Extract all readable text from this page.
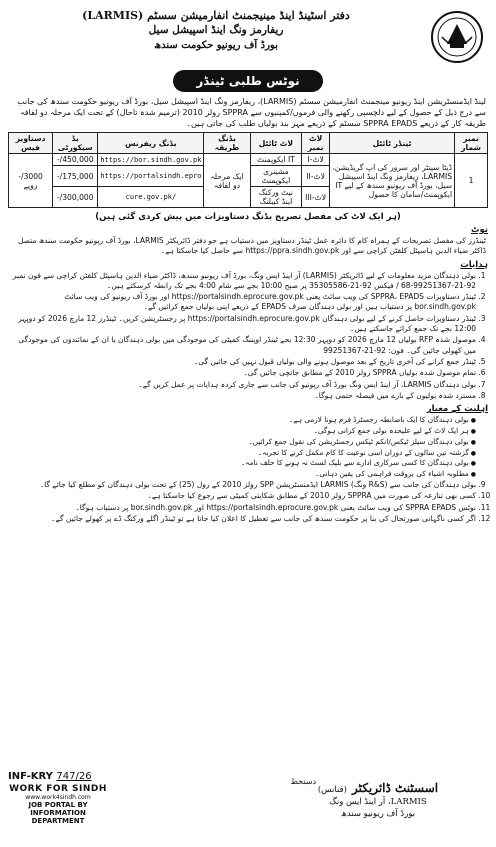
دفتر اسٹینڈ اینڈ مینیجمنٹ انفارمیشن سسٹم (LARMIS)
ریفارمز ونگ اینڈ اسپیشل سیل
بورڈ آف ریونیو حکومت سندھ
نوٹس طلبی ٹینڈر
لینڈ ایڈمنسٹریشن اینڈ ریونیو مینجمنٹ انفارمیشن سسٹم (LARMIS)، ریفارمز ونگ اینڈ اسپیشل سیل، بورڈ آف ریونیو حکومت سندھ کی جانب سے درج ذیل کے حصول کے لیے دلچسپی رکھنے والی فرموں/کمپنیوں سے SPPRA رولز 2010 (ترمیم شدہ تاحال) کے تحت ایک مرحلہ دو لفافہ طریقہ کار کے ذریعے SPPRA EPADS سسٹم کے ذریعے مہر بند بولیاں طلب کی جاتی ہیں۔
نمبر شمار	ٹینڈر ٹائٹل	لاٹ نمبر	لاٹ ٹائٹل	بڈنگ طریقہ	بڈنگ ریفرنس	بڈ سیکورٹی	دستاویز فیس
1	ڈیٹا سینٹر اور سرور کی اپ گریڈیشن، LARMIS، ریفارمز ونگ اینڈ اسپیشل سیل، بورڈ آف ریونیو سندھ کے لیے IT ایکوپمنٹ/سامان کا حصول	لاٹ-I	IT ایکوپمنٹ	ایک مرحلہ دو لفافہ	https://bor.sindh.gov.pk	450,000/-	3000/- روپے
		لاٹ-II	مشینری ایکوپمنٹ		https://portalsindh.epro	175,000/-	
		لاٹ-III	نیٹ ورکنگ اینڈ کیبلنگ		cure.gov.pk/	300,000/-	
(ہر ایک لاٹ کی مفصل تصریح بڈنگ دستاویزات میں پیش کردی گئی ہیں)
نوٹ
ٹینڈرز کی مفصل تصریحات کے ہمراہ کام کا دائرہ عمل ٹینڈر دستاویز میں دستیاب ہے جو دفتر ڈائریکٹر LARMIS، بورڈ آف ریونیو حکومت سندھ متصل ڈاکٹر ضیاء الدین ہاسپٹل کلفٹن کراچی سے اور https://ppra.sindh.gov.pk سے حاصل کیا جاسکتا ہے۔
ہدایات
1. بولی دہندگان مزید معلومات کے لیے ڈائریکٹر (LARMIS) آر اینڈ ایس ونگ، بورڈ آف ریونیو سندھ، ڈاکٹر ضیاء الدین ہاسپٹل کلفٹن کراچی سے فون نمبر 92-21-99251367-68 / فیکس 92-21-35305586 پر صبح 10:00 بجے سے شام 4:00 بجے تک رابطہ کرسکتے ہیں۔
2. ٹینڈر دستاویزات SPPRA، EPADS کی ویب سائٹ یعنی https://portalsindh.eprocure.gov.pk اور بورڈ آف ریونیو کی ویب سائٹ bor.sindh.gov.pk پر دستیاب ہیں اور بولی دہندگان صرف EPADS کے ذریعے اپنی بولیاں جمع کرائیں گے۔
3. ٹینڈر دستاویزات حاصل کرنے کے لیے بولی دہندگان https://portalsindh.eprocure.gov.pk پر رجسٹریشن کریں۔ ٹینڈرز 12 مارچ 2026 کو دوپہر 12:00 بجے تک جمع کرائے جاسکتے ہیں۔
4. موصول شدہ RFP بولیاں 12 مارچ 2026 کو دوپہر 12:30 بجے ٹینڈر اوپننگ کمیٹی کی موجودگی میں بولی دہندگان یا ان کے نمائندوں کی موجودگی میں کھولی جائیں گی۔ فون: 92-21-99251367
5. ٹینڈر جمع کرانے کی آخری تاریخ کے بعد موصول ہونے والی بولیاں قبول نہیں کی جائیں گی۔
6. تمام موصول شدہ بولیاں SPPRA رولز 2010 کے مطابق جانچی جائیں گی۔
7. بولی دہندگان LARMIS، آر اینڈ ایس ونگ بورڈ آف ریونیو کی جانب سے جاری کردہ ہدایات پر عمل کریں گے۔
8. مسترد شدہ بولیوں کے بارے میں فیصلہ حتمی ہوگا۔
اہلیت کے معیار
● بولی دہندگان کا ایک باضابطہ رجسٹرڈ فرم ہونا لازمی ہے۔
● ہر ایک لاٹ کے لیے علیحدہ بولی جمع کرانی ہوگی۔
● بولی دہندگان سیلز ٹیکس/انکم ٹیکس رجسٹریشن کی نقول جمع کرائیں۔
● گزشتہ تین سالوں کے دوران اسی نوعیت کا کام مکمل کرنے کا تجربہ۔
● بولی دہندگان کا کسی سرکاری ادارے سے بلیک لسٹ نہ ہونے کا حلف نامہ۔
● مطلوبہ اشیاء کی بروقت فراہمی کی یقین دہانی۔
9. بولی دہندگان کی جانب سے (R&S ونگ) LARMIS ایڈمنسٹریشن SPP رولز 2010 کے رول (25) کے تحت بولی دہندگان کو مطلع کیا جائے گا۔
10. کسی بھی تنازعہ کی صورت میں SPPRA رولز 2010 کے مطابق شکایتی کمیٹی سے رجوع کیا جاسکتا ہے۔
11. نوٹس SPPRA EPADS کی ویب سائٹ یعنی https://portalsindh.eprocure.gov.pk اور bor.sindh.gov.pk پر دستیاب ہوگا۔
12. اگر کسی ناگہانی صورتحال کی بنا پر حکومت سندھ کی جانب سے تعطیل کا اعلان کیا جاتا ہے تو ٹینڈر اگلے ورکنگ ڈے پر کھولے جائیں گے۔
INF-KRY 747/26
WORK FOR SINDH
www.work4sindh.com
JOB PORTAL BY
INFORMATION DEPARTMENT
دستخط	اسسٹنٹ ڈائریکٹر (فنانس)
LARMIS، آر اینڈ ایس ونگ
بورڈ آف ریونیو سندھ
